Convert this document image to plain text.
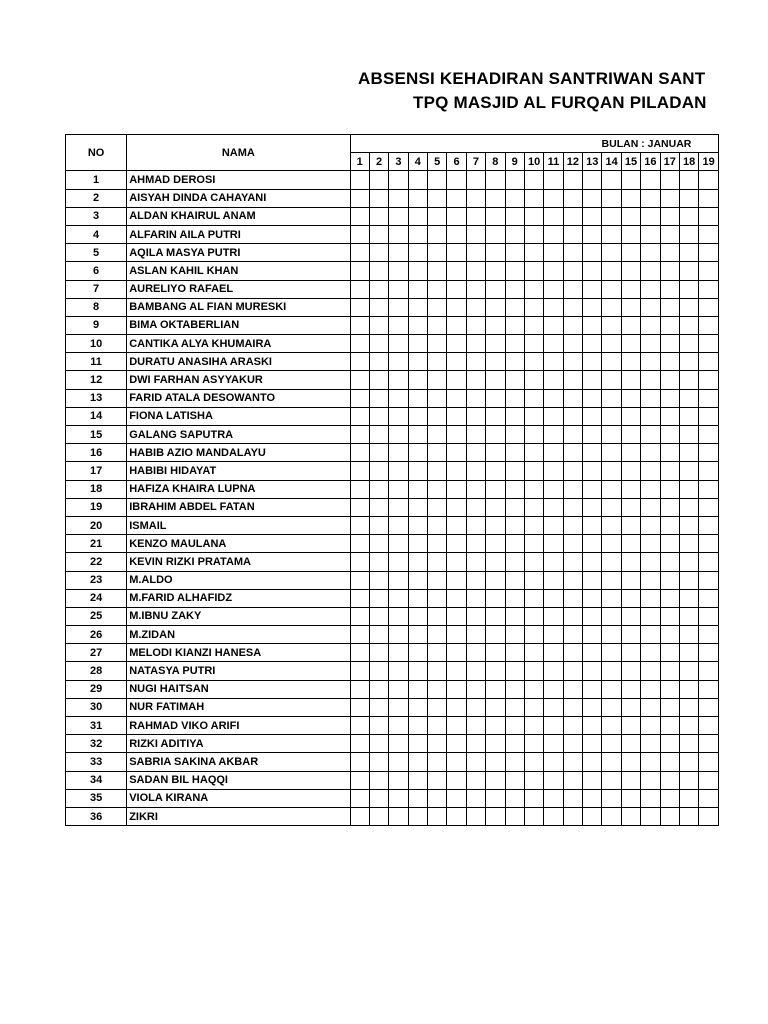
ABSENSI KEHADIRAN SANTRIWAN SANT
TPQ MASJID AL FURQAN PILADAN
NO	NAMA	BULAN : JANUAR																		
		1	2	3	4	5	6	7	8	9	10	11	12	13	14	15	16	17	18	19
1	AHMAD DEROSI																			
2	AISYAH DINDA CAHAYANI																			
3	ALDAN KHAIRUL ANAM																			
4	ALFARIN AILA PUTRI																			
5	AQILA MASYA PUTRI																			
6	ASLAN KAHIL KHAN																			
7	AURELIYO RAFAEL																			
8	BAMBANG AL FIAN MURESKI																			
9	BIMA OKTABERLIAN																			
10	CANTIKA ALYA KHUMAIRA																			
11	DURATU ANASIHA ARASKI																			
12	DWI FARHAN ASYYAKUR																			
13	FARID ATALA DESOWANTO																			
14	FIONA LATISHA																			
15	GALANG SAPUTRA																			
16	HABIB AZIO MANDALAYU																			
17	HABIBI HIDAYAT																			
18	HAFIZA KHAIRA LUPNA																			
19	IBRAHIM ABDEL FATAN																			
20	ISMAIL																			
21	KENZO MAULANA																			
22	KEVIN RIZKI PRATAMA																			
23	M.ALDO																			
24	M.FARID ALHAFIDZ																			
25	M.IBNU ZAKY																			
26	M.ZIDAN																			
27	MELODI KIANZI HANESA																			
28	NATASYA PUTRI																			
29	NUGI HAITSAN																			
30	NUR FATIMAH																			
31	RAHMAD VIKO ARIFI																			
32	RIZKI ADITIYA																			
33	SABRIA SAKINA AKBAR																			
34	SADAN BIL HAQQI																			
35	VIOLA KIRANA																			
36	ZIKRI																			
